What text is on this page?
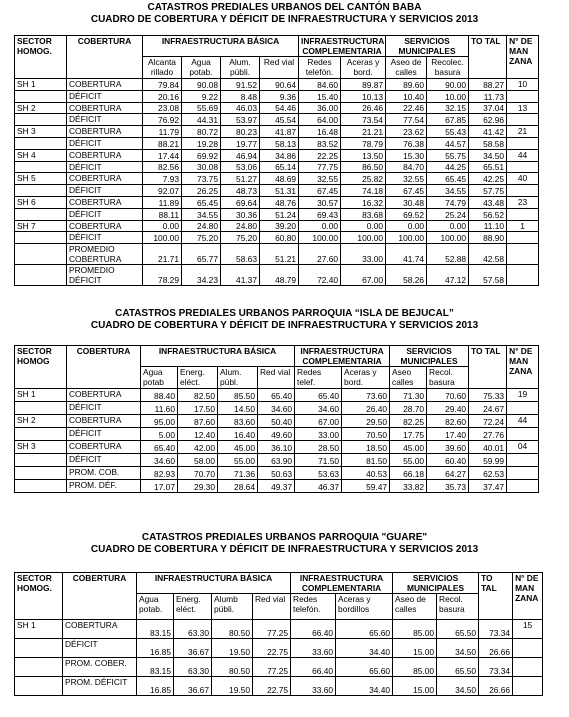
CATASTROS PREDIALES URBANOS DEL CANTÓN BABA
CUADRO DE COBERTURA Y DÉFICIT DE INFRAESTRUCTURA Y SERVICIOS 2013
SECTOR HOMOG.	COBERTURA	INFRAESTRUCTURA BÁSICA				INFRAESTRUCTURA COMPLEMENTARIA		SERVICIOS MUNICIPALES		TO TAL	N° DE MAN ZANA
		Alcanta rillado	Agua potab.	Alum. públi.	Red vial	Redes telefón.	Aceras y bord.	Aseo de calles	Recolec. basura		
SH 1	COBERTURA	79.84	90.08	91.52	90.64	84.60	89.87	89.60	90.00	88.27	10
	DÉFICIT	20.16	9.22	8.48	9.36	15.40	10.13	10.40	10.00	11.73	
SH 2	COBERTURA	23.08	55.69	46.03	54.46	36.00	26.46	22.46	32.15	37.04	13
	DÉFICIT	76.92	44.31	53.97	45.54	64.00	73.54	77.54	67.85	62.96	
SH 3	COBERTURA	11.79	80.72	80.23	41.87	16.48	21.21	23.62	55.43	41.42	21
	DÉFICIT	88.21	19.28	19.77	58.13	83.52	78.79	76.38	44.57	58.58	
SH 4	COBERTURA	17.44	69.92	46.94	34.86	22.25	13.50	15.30	55.75	34.50	44
	DÉFICIT	82.56	30.08	53.06	65.14	77.75	86.50	84.70	44.25	65.51	
SH 5	COBERTURA	7.93	73.75	51.27	48.69	32.55	25.82	32.55	65.45	42.25	40
	DÉFICIT	92.07	26.25	48.73	51.31	67.45	74.18	67.45	34.55	57.75	
SH 6	COBERTURA	11.89	65.45	69.64	48.76	30.57	16.32	30.48	74.79	43.48	23
	DÉFICIT	88.11	34.55	30.36	51.24	69.43	83.68	69.52	25.24	56.52	
SH 7	COBERTURA	0.00	24.80	24.80	39.20	0.00	0.00	0.00	0.00	11.10	1
	DÉFICIT	100.00	75.20	75.20	60.80	100.00	100.00	100.00	100.00	88.90	
	PROMEDIO COBERTURA	21.71	65.77	58.63	51.21	27.60	33.00	41.74	52.88	42.58	
	PROMEDIO DÉFICIT	78.29	34.23	41.37	48.79	72.40	67.00	58.26	47.12	57.58	
CATASTROS PREDIALES URBANOS PARROQUIA “ISLA DE BEJUCAL”
CUADRO DE COBERTURA Y DÉFICIT DE INFRAESTRUCTURA Y SERVICIOS 2013
SECTOR HOMOG	COBERTURA	INFRAESTRUCTURA BÁSICA				INFRAESTRUCTURA COMPLEMENTARIA		SERVICIOS MUNICIPALES		TO TAL	N° DE MAN ZANA
		Agua potab	Energ. eléct.	Alum. públ.	Red vial	Redes telef.	Aceras y bord.	Aseo calles	Recol. basura		
SH 1	COBERTURA	88.40	82.50	85.50	65.40	65.40	73.60	71.30	70.60	75.33	19
	DÉFICIT	11.60	17.50	14.50	34.60	34.60	26.40	28.70	29.40	24.67	
SH 2	COBERTURA	95.00	87.60	83.60	50.40	67.00	29.50	82.25	82.60	72.24	44
	DÉFICIT	5.00	12.40	16.40	49.60	33.00	70.50	17.75	17.40	27.76	
SH 3	COBERTURA	65.40	42.00	45.00	36.10	28.50	18.50	45.00	39.60	40.01	04
	DÉFICIT	34.60	58.00	55.00	63.90	71.50	81.50	55.00	60.40	59.99	
	PROM. COB.	82.93	70.70	71.36	50.63	53.63	40.53	66.18	64.27	62.53	
	PROM. DÉF.	17.07	29.30	28.64	49.37	46.37	59.47	33.82	35.73	37.47	
CATASTROS PREDIALES URBANOS PARROQUIA "GUARE"
CUADRO DE COBERTURA Y DÉFICIT DE INFRAESTRUCTURA Y SERVICIOS 2013
SECTOR HOMOG.	COBERTURA	INFRAESTRUCTURA BÁSICA				INFRAESTRUCTURA COMPLEMENTARIA		SERVICIOS MUNICIPALES		TO TAL	N° DE MAN ZANA
		Agua potab.	Energ. eléct.	Alumb públi.	Red vial	Redes telefón.	Aceras y bordillos	Aseo de calles	Recol. basura		
SH 1	COBERTURA	83.15	63.30	80.50	77.25	66.40	65.60	85.00	65.50	73.34	15
	DÉFICIT	16.85	36.67	19.50	22.75	33.60	34.40	15.00	34.50	26.66	
	PROM. COBER.	83.15	63.30	80.50	77.25	66.40	65.60	85.00	65.50	73.34	
	PROM. DÉFICIT	16.85	36.67	19.50	22.75	33.60	34.40	15.00	34.50	26.66	
